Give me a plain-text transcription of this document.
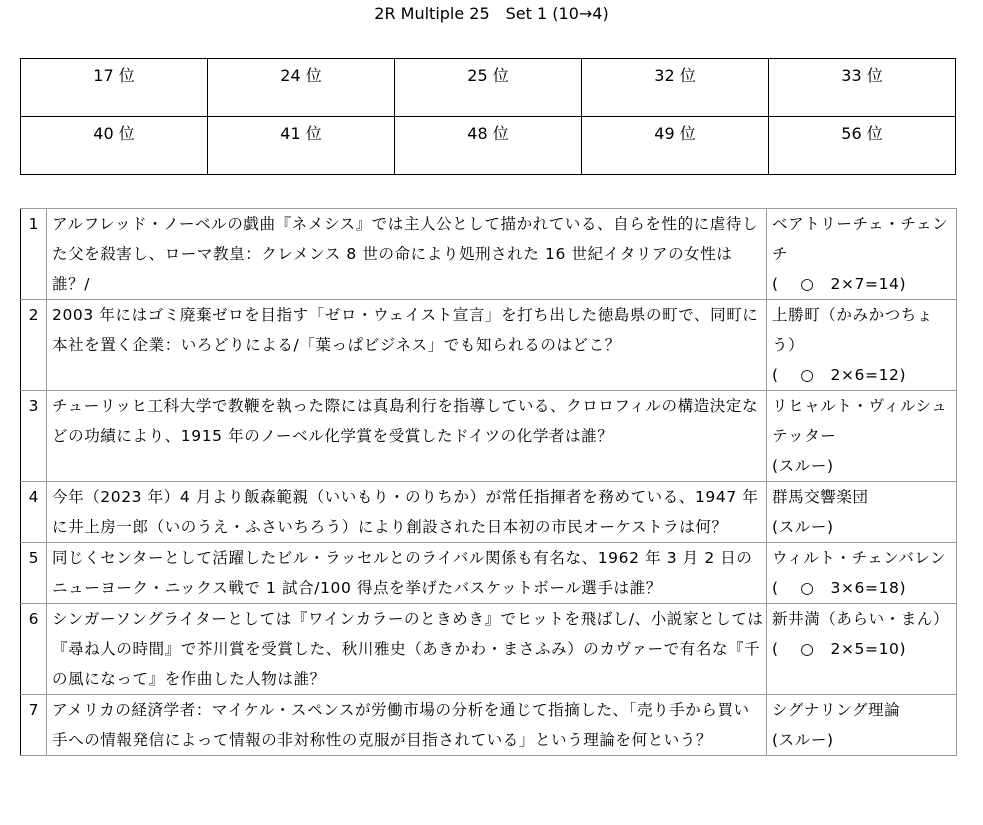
2R Multiple 25　Set 1 (10→4)
17 位	24 位	25 位	32 位	33 位
40 位	41 位	48 位	49 位	56 位
1	アルフレッド・ノーベルの戯曲『ネメシス』では主人公として描かれている、自らを性的に虐待した父を殺害し、ローマ教皇：クレメンス 8 世の命により処刑された 16 世紀イタリアの女性は誰？/	ベアトリーチェ・チェンチ
(　 ○　2×7=14)

2	2003 年にはゴミ廃棄ゼロを目指す「ゼロ・ウェイスト宣言」を打ち出した徳島県の町で、同町に本社を置く企業：いろどりによる/「葉っぱビジネス」でも知られるのはどこ？	上勝町（かみかつちょう）
(　 ○　2×6=12)

3	チューリッヒ工科大学で教鞭を執った際には真島利行を指導している、クロロフィルの構造決定などの功績により、1915 年のノーベル化学賞を受賞したドイツの化学者は誰？	リヒャルト・ヴィルシュテッター
(スルー)

4	今年（2023 年）4 月より飯森範親（いいもり・のりちか）が常任指揮者を務めている、1947 年に井上房一郎（いのうえ・ふさいちろう）により創設された日本初の市民オーケストラは何？	群馬交響楽団
(スルー)

5	同じくセンターとして活躍したビル・ラッセルとのライバル関係も有名な、1962 年 3 月 2 日のニューヨーク・ニックス戦で 1 試合/100 得点を挙げたバスケットボール選手は誰？	ウィルト・チェンバレン
(　 ○　3×6=18)

6	シンガーソングライターとしては『ワインカラーのときめき』でヒットを飛ばし/、小説家としては『尋ね人の時間』で芥川賞を受賞した、秋川雅史（あきかわ・まさふみ）のカヴァーで有名な『千の風になって』を作曲した人物は誰？	新井満（あらい・まん）
(　 ○　2×5=10)

7	アメリカの経済学者：マイケル・スペンスが労働市場の分析を通じて指摘した、「売り手から買い手への情報発信によって情報の非対称性の克服が目指されている」という理論を何という？	シグナリング理論
(スルー)
